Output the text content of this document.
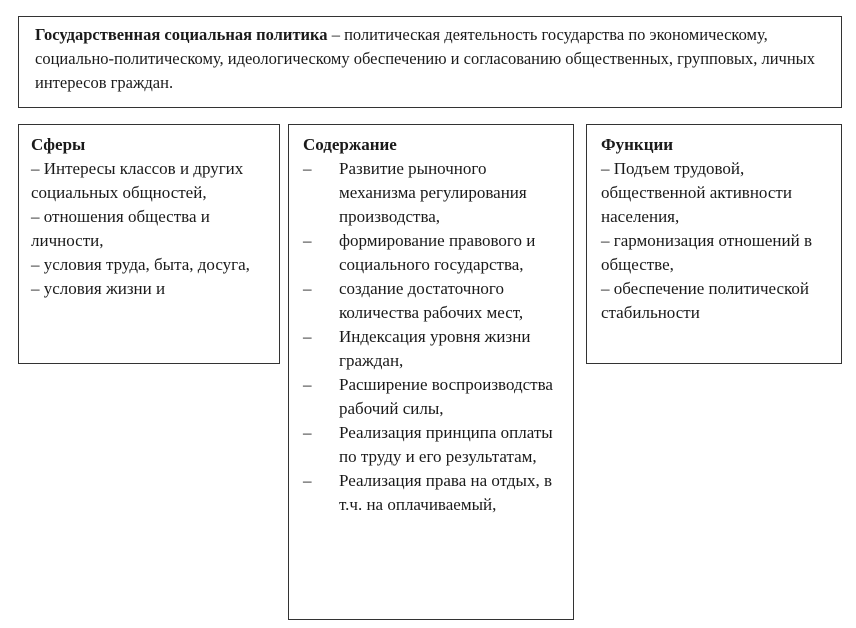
Государственная социальная политика – политическая деятельность государства по экономическому, социально-политическому, идеологическому обеспечению и согласованию общественных, групповых, личных интересов граждан.
Сферы
– Интересы классов и других социальных общностей,
– отношения общества и личности,
– условия труда, быта, досуга,
– условия жизни и
Содержание
–	Развитие рыночного механизма регулирования производства,
–	формирование правового и социального государства,
–	создание достаточного количества рабочих мест,
–	Индексация уровня жизни граждан,
–	Расширение воспроизводства рабочий силы,
–	Реализация принципа оплаты по труду и его результатам,
–	Реализация права на отдых, в т.ч. на оплачиваемый,
Функции
– Подъем трудовой, общественной активности населения,
– гармонизация отношений в обществе,
– обеспечение политической стабильности
